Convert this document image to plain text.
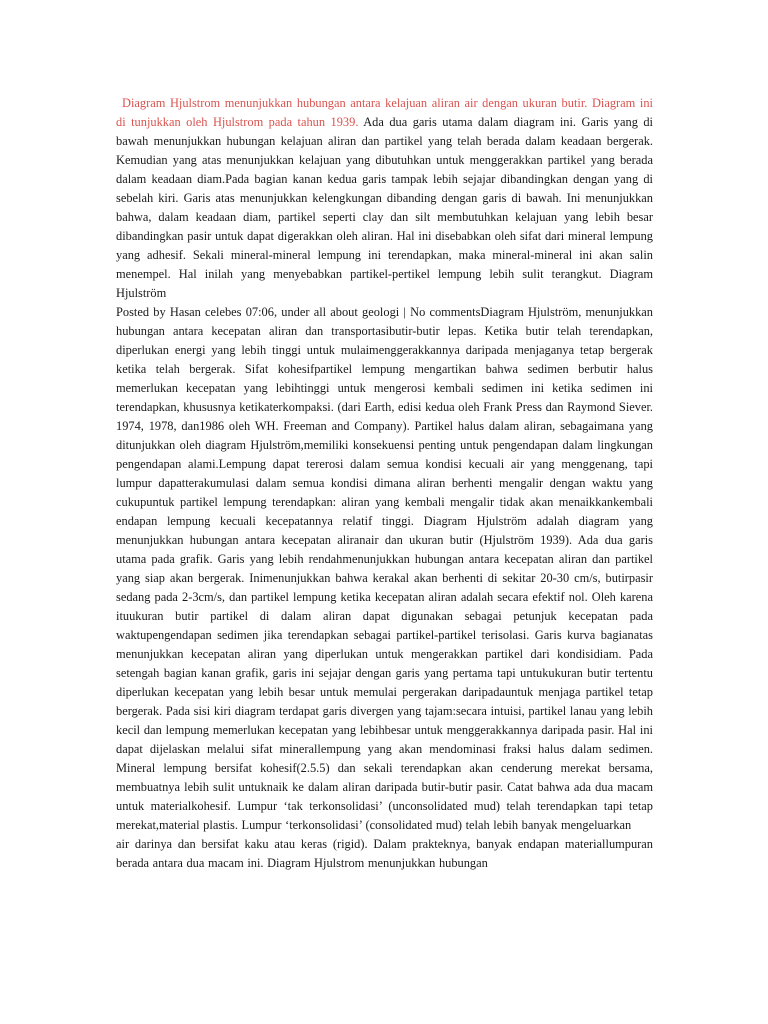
Diagram Hjulstrom menunjukkan hubungan antara kelajuan aliran air dengan ukuran butir. Diagram ini di tunjukkan oleh Hjulstrom pada tahun 1939. Ada dua garis utama dalam diagram ini. Garis yang di bawah menunjukkan hubungan kelajuan aliran dan partikel yang telah berada dalam keadaan bergerak. Kemudian yang atas menunjukkan kelajuan yang dibutuhkan untuk menggerakkan partikel yang berada dalam keadaan diam.Pada bagian kanan kedua garis tampak lebih sejajar dibandingkan dengan yang di sebelah kiri. Garis atas menunjukkan kelengkungan dibanding dengan garis di bawah. Ini menunjukkan bahwa, dalam keadaan diam, partikel seperti clay dan silt membutuhkan kelajuan yang lebih besar dibandingkan pasir untuk dapat digerakkan oleh aliran. Hal ini disebabkan oleh sifat dari mineral lempung yang adhesif. Sekali mineral-mineral lempung ini terendapkan, maka mineral-mineral ini akan salin menempel. Hal inilah yang menyebabkan partikel-pertikel lempung lebih sulit terangkut. Diagram Hjulström

Posted by Hasan celebes 07:06, under all about geologi | No commentsDiagram Hjulström, menunjukkan hubungan antara kecepatan aliran dan transportasibutir-butir lepas. Ketika butir telah terendapkan, diperlukan energi yang lebih tinggi untuk mulaimenggerakkannya daripada menjaganya tetap bergerak ketika telah bergerak. Sifat kohesifpartikel lempung mengartikan bahwa sedimen berbutir halus memerlukan kecepatan yang lebihtinggi untuk mengerosi kembali sedimen ini ketika sedimen ini terendapkan, khususnya ketikaterkompaksi. (dari Earth, edisi kedua oleh Frank Press dan Raymond Siever. 1974, 1978, dan1986 oleh WH. Freeman and Company). Partikel halus dalam aliran, sebagaimana yang ditunjukkan oleh diagram Hjulström,memiliki konsekuensi penting untuk pengendapan dalam lingkungan pengendapan alami.Lempung dapat tererosi dalam semua kondisi kecuali air yang menggenang, tapi lumpur dapatterakumulasi dalam semua kondisi dimana aliran berhenti mengalir dengan waktu yang cukupuntuk partikel lempung terendapkan: aliran yang kembali mengalir tidak akan menaikkankembali endapan lempung kecuali kecepatannya relatif tinggi. Diagram Hjulström adalah diagram yang menunjukkan hubungan antara kecepatan aliranair dan ukuran butir (Hjulström 1939). Ada dua garis utama pada grafik. Garis yang lebih rendahmenunjukkan hubungan antara kecepatan aliran dan partikel yang siap akan bergerak. Inimenunjukkan bahwa kerakal akan berhenti di sekitar 20-30 cm/s, butirpasir sedang pada 2-3cm/s, dan partikel lempung ketika kecepatan aliran adalah secara efektif nol. Oleh karena ituukuran butir partikel di dalam aliran dapat digunakan sebagai petunjuk kecepatan pada waktupengendapan sedimen jika terendapkan sebagai partikel-partikel terisolasi. Garis kurva bagianatas menunjukkan kecepatan aliran yang diperlukan untuk mengerakkan partikel dari kondisidiam. Pada setengah bagian kanan grafik, garis ini sejajar dengan garis yang pertama tapi untukukuran butir tertentu diperlukan kecepatan yang lebih besar untuk memulai pergerakan daripadauntuk menjaga partikel tetap bergerak. Pada sisi kiri diagram terdapat garis divergen yang tajam:secara intuisi, partikel lanau yang lebih kecil dan lempung memerlukan kecepatan yang lebihbesar untuk menggerakkannya daripada pasir. Hal ini dapat dijelaskan melalui sifat minerallempung yang akan mendominasi fraksi halus dalam sedimen. Mineral lempung bersifat kohesif(2.5.5) dan sekali terendapkan akan cenderung merekat bersama, membuatnya lebih sulit untuknaik ke dalam aliran daripada butir-butir pasir. Catat bahwa ada dua macam untuk materialkohesif. Lumpur ‘tak terkonsolidasi’ (unconsolidated mud) telah terendapkan tapi tetap merekat,material plastis. Lumpur ‘terkonsolidasi’ (consolidated mud) telah lebih banyak mengeluarkan

air darinya dan bersifat kaku atau keras (rigid). Dalam prakteknya, banyak endapan materiallumpuran berada antara dua macam ini. Diagram Hjulstrom menunjukkan hubungan
